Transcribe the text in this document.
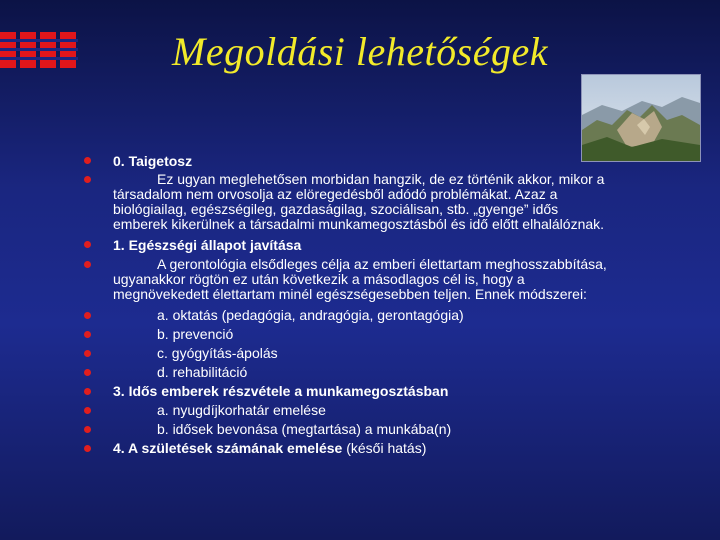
Megoldási lehetőségek
0. Taigetosz
Ez ugyan meglehetősen morbidan hangzik, de ez történik akkor, mikor a
társadalom nem orvosolja az elöregedésből adódó problémákat. Azaz a
biológiailag, egészségileg, gazdaságilag, szociálisan, stb. „gyenge” idős
emberek kikerülnek a társadalmi munkamegosztásból és idő előtt elhalálóznak.
1. Egészségi állapot javítása
A gerontológia elsődleges célja az emberi élettartam meghosszabbítása,
ugyanakkor rögtön ez után következik a másodlagos cél is, hogy a
megnövekedett élettartam minél egészségesebben teljen. Ennek módszerei:
a. oktatás (pedagógia, andragógia, gerontagógia)
b. prevenció
c. gyógyítás-ápolás
d. rehabilitáció
3. Idős emberek részvétele a munkamegosztásban
a. nyugdíjkorhatár emelése
b. idősek bevonása (megtartása) a munkába(n)
4. A születések számának emelése (késői hatás)
